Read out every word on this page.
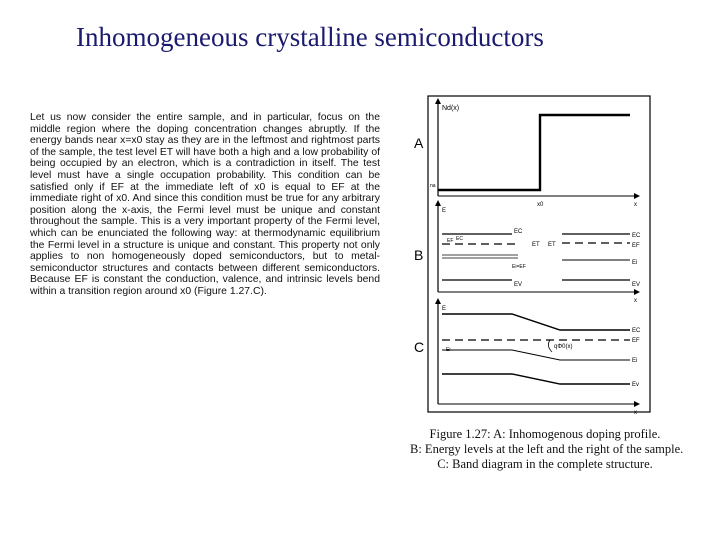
Inhomogeneous crystalline semiconductors
Let us now consider the entire sample, and in particular, focus on the middle region where the doping concentration changes abruptly. If the energy bands near x=x0 stay as they are in the leftmost and rightmost parts of the sample, the test level ET will have both a high and a low probability of being occupied by an electron, which is a contradiction in itself. The test level must have a single occupation probability. This condition can be satisfied only if EF at the immediate left of x0 is equal to EF at the immediate right of x0. And since this condition must be true for any arbitrary position along the x-axis, the Fermi level must be unique and constant throughout the sample. This is a very important property of the Fermi level, which can be enunciated the following way: at thermodynamic equilibrium the Fermi level in a structure is unique and constant. This property not only applies to non homogeneously doped semiconductors, but to metal-semiconductor structures and contacts between different semiconductors. Because EF is constant the conduction, valence, and intrinsic levels bend within a transition region around x0 (Figure 1.27.C).
A
Nd(x)
na
x0	x
B
E
EC
EF
Ei=EF
EV
ET ET
EC
EF
Ei
EV
x
EC
C
E
Ei	qΦ0(x)
EC
EF
Ei
Ev
x
Figure 1.27: A: Inhomogenous doping profile.
B: Energy levels at the left and the right of the sample.
C: Band diagram in the complete structure.
